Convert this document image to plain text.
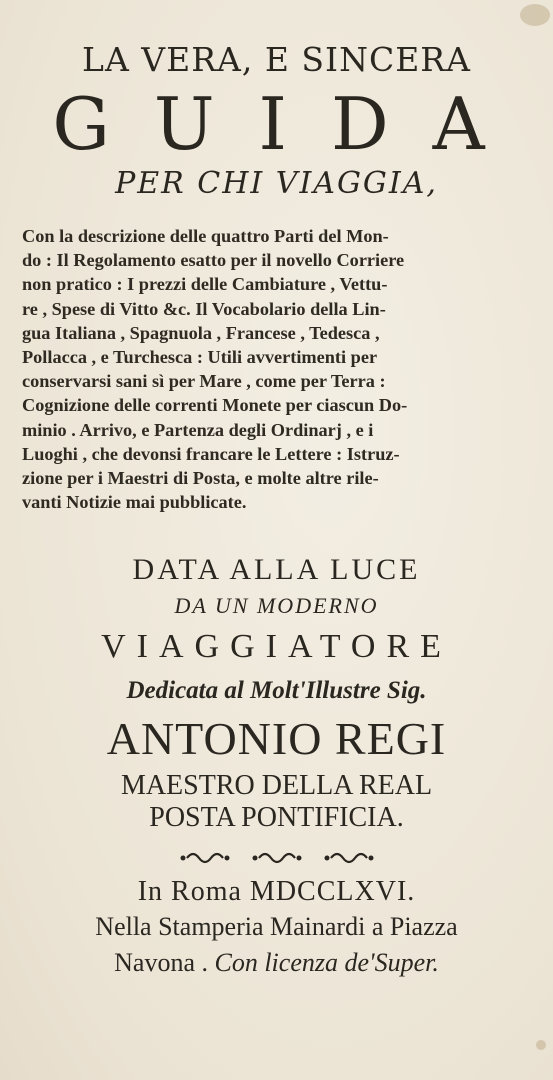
LA VERA, E SINCERA
GUIDA
PER CHI VIAGGIA,

Con la descrizione delle quattro Parti del Mon-

do : Il Regolamento esatto per il novello Corriere

non pratico : I prezzi delle Cambiature , Vettu-

re , Spese di Vitto &c. Il Vocabolario della Lin-

gua Italiana , Spagnuola , Francese , Tedesca ,

Pollacca , e Turchesca : Utili avvertimenti per

conservarsi sani sì per Mare , come per Terra :

Cognizione delle correnti Monete per ciascun Do-

minio . Arrivo, e Partenza degli Ordinarj , e i

Luoghi , che devonsi francare le Lettere : Istruz-

zione per i Maestri di Posta, e molte altre rile-

vanti Notizie mai pubblicate.

DATA ALLA LUCE
DA UN MODERNO
VIAGGIATORE
Dedicata al Molt'Illustre Sig.
ANTONIO REGI
MAESTRO DELLA REAL
POSTA PONTIFICIA.
In Roma MDCCLXVI.
Nella Stamperia Mainardi a Piazza
Navona . Con licenza de'Super.
